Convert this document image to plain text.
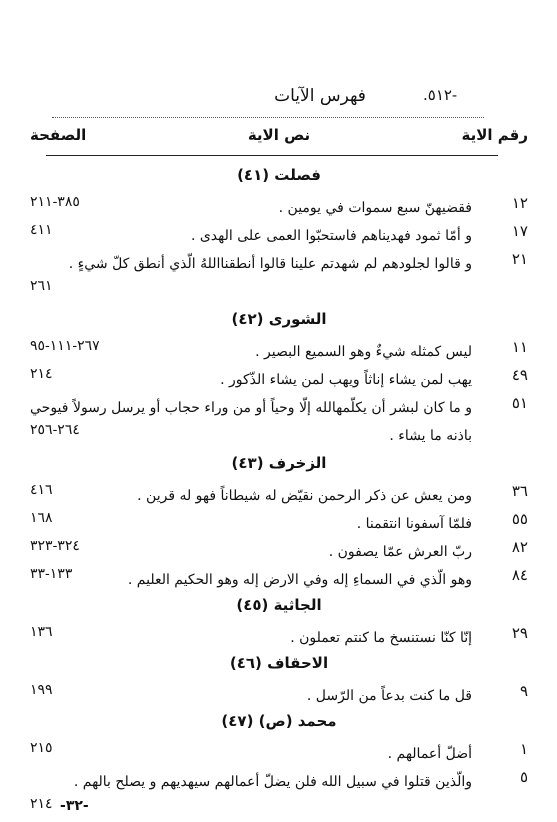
-٥١٢.
فهرس الآيات
رقم الاية
نص الاية
الصفحة
فصلت (٤١)
١٢
فقضيهنّ سبع سموات في يومين .
٣٨٥-٢١١
١٧
و أمّا ثمود فهديناهم فاستحبّوا العمى على الهدى .
٤١١
٢١
و قالوا لجلودهم لم شهدتم علينا قالوا أنطقنااللهُ الّذي أنطق كلّ شيءٍ .
٢٦١
الشورى (٤٢)
١١
ليس كمثله شيءٌ وهو السميع البصير .
٢٦٧-١١١-٩٥
٤٩
يهب لمن يشاء إناثاً ويهب لمن يشاء الذّكور .
٢١٤
٥١
و ما كان لبشر أن يكلّمهالله إلّا وحياً أو من وراء حجاب أو يرسل رسولاً فيوحي باذنه ما يشاء .
٢٦٤-٢٥٦
الزخرف (٤٣)
٣٦
ومن يعش عن ذكر الرحمن نقيّض له شيطاناً فهو له قرين .
٤١٦
٥٥
فلمّا آسفونا انتقمنا .
١٦٨
٨٢
ربّ العرش عمّا يصفون .
٣٢٤-٣٢٣
٨٤
وهو الّذي في السماءِ إله وفي الارض إله وهو الحكيم العليم .
١٣٣-٣٣
الجاثية (٤٥)
٢٩
إنّا كنّا نستنسخ ما كنتم تعملون .
١٣٦
الاحقاف (٤٦)
٩
قل ما كنت بدعاً من الرّسل .
١٩٩
محمد (ص) (٤٧)
١
أضلّ أعمالهم .
٢١٥
٥
والّذين قتلوا في سبيل الله فلن يضلّ أعمالهم سيهديهم و يصلح بالهم .
٢١٤ -٣٢-
